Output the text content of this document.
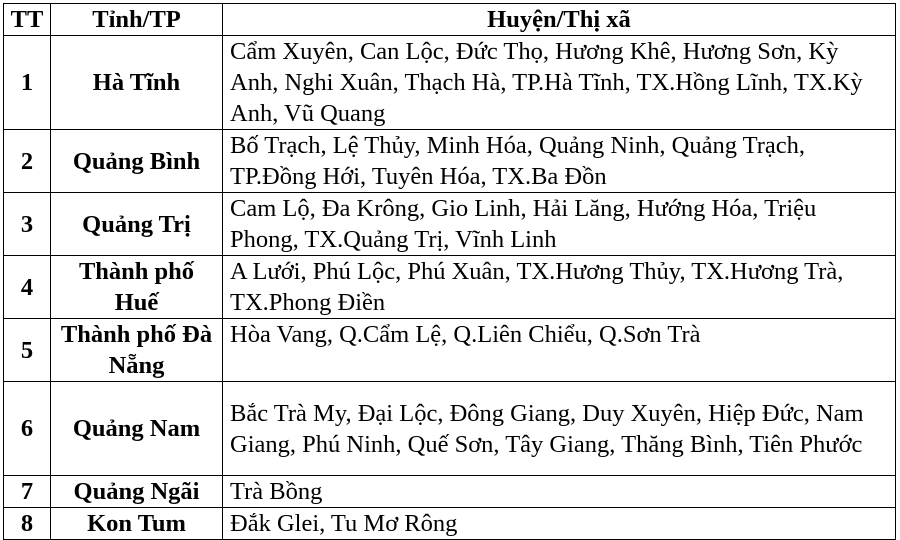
TT	Tỉnh/TP	Huyện/Thị xã
1	Hà Tĩnh	Cẩm Xuyên, Can Lộc, Đức Thọ, Hương Khê, Hương Sơn, Kỳ Anh, Nghi Xuân, Thạch Hà, TP.Hà Tĩnh, TX.Hồng Lĩnh, TX.Kỳ Anh, Vũ Quang
2	Quảng Bình	Bố Trạch, Lệ Thủy, Minh Hóa, Quảng Ninh, Quảng Trạch, TP.Đồng Hới, Tuyên Hóa, TX.Ba Đồn
3	Quảng Trị	Cam Lộ, Đa Krông, Gio Linh, Hải Lăng, Hướng Hóa, Triệu Phong, TX.Quảng Trị, Vĩnh Linh
4	Thành phố Huế	A Lưới, Phú Lộc, Phú Xuân, TX.Hương Thủy, TX.Hương Trà, TX.Phong Điền
5	Thành phố Đà Nẵng	Hòa Vang, Q.Cẩm Lệ, Q.Liên Chiểu, Q.Sơn Trà
6	Quảng Nam	Bắc Trà My, Đại Lộc, Đông Giang, Duy Xuyên, Hiệp Đức, Nam Giang, Phú Ninh, Quế Sơn, Tây Giang, Thăng Bình, Tiên Phước
7	Quảng Ngãi	Trà Bồng
8	Kon Tum	Đắk Glei, Tu Mơ Rông
